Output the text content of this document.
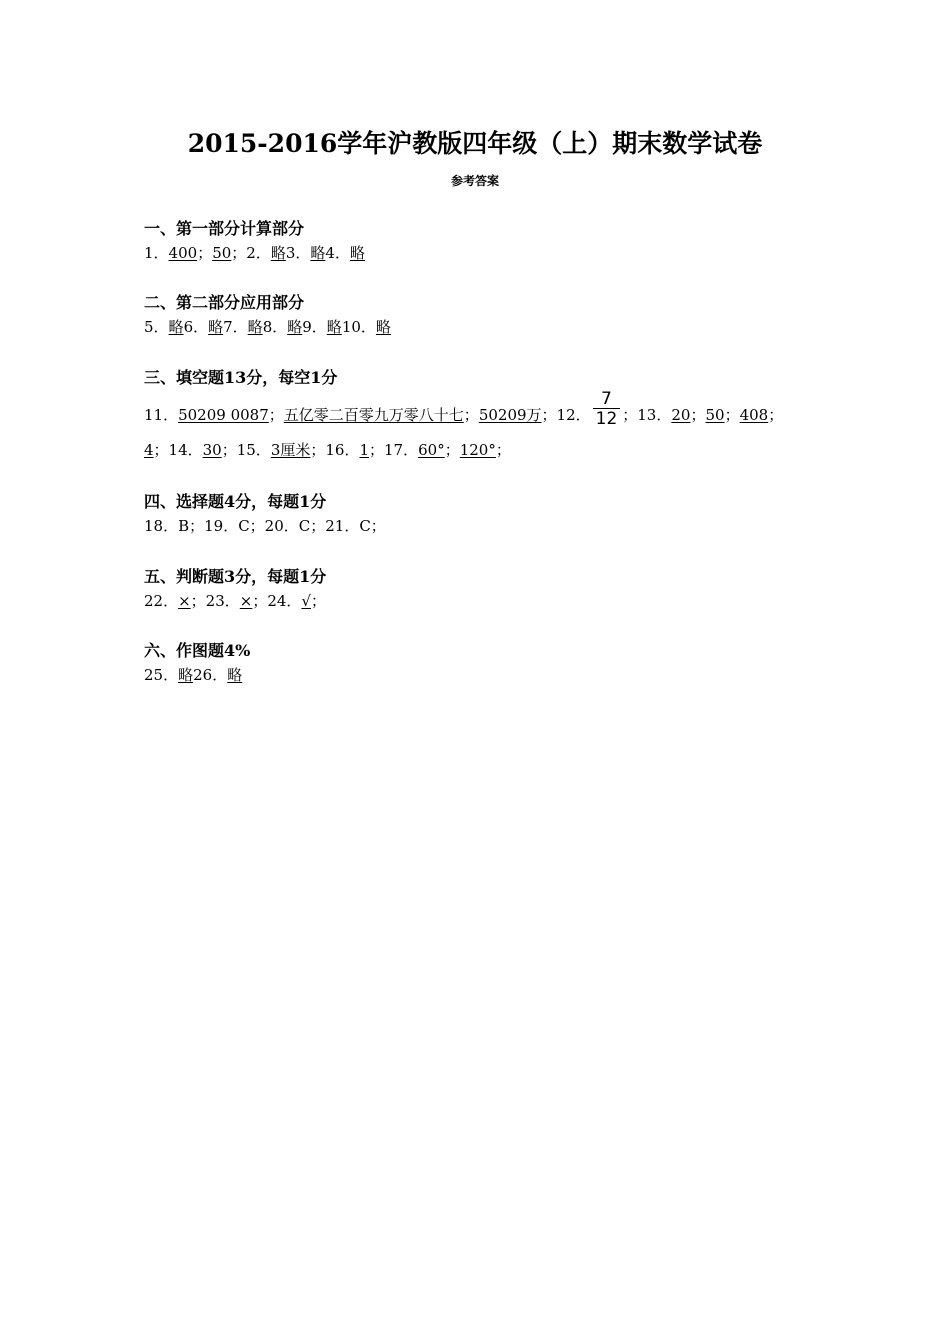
2015-2016学年沪教版四年级（上）期末数学试卷
参考答案
一、第一部分计算部分
1．400；50；2．略3．略4．略
二、第二部分应用部分
5．略6．略7．略8．略9．略10．略
三、填空题13分，每空1分
11．50209 0087；五亿零二百零九万零八十七；50209万；12． $\frac{7}{12}$ ；13．20；50；408；
4；14．30；15．3厘米；16．1；17．60°；120°；
四、选择题4分，每题1分
18．B；19．C；20．C；21．C；
五、判断题3分，每题1分
22．×；23．×；24．√；
六、作图题4%
25．略26．略
